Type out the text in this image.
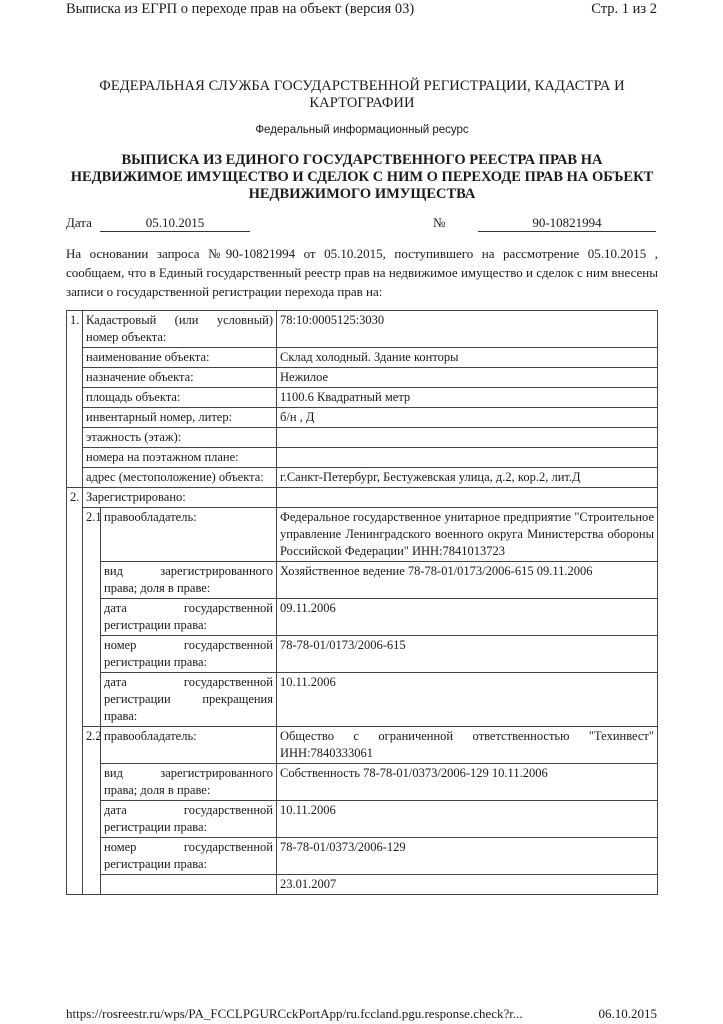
Выписка из ЕГРП о переходе прав на объект (версия 03)	Стр. 1 из 2
ФЕДЕРАЛЬНАЯ СЛУЖБА ГОСУДАРСТВЕННОЙ РЕГИСТРАЦИИ, КАДАСТРА И
КАРТОГРАФИИ
Федеральный информационный ресурс
ВЫПИСКА ИЗ ЕДИНОГО ГОСУДАРСТВЕННОГО РЕЕСТРА ПРАВ НА
НЕДВИЖИМОЕ ИМУЩЕСТВО И СДЕЛОК С НИМ О ПЕРЕХОДЕ ПРАВ НА ОБЪЕКТ
НЕДВИЖИМОГО ИМУЩЕСТВА
Дата	05.10.2015	№	90-10821994
На основании запроса №90-10821994 от 05.10.2015, поступившего на рассмотрение 05.10.2015 , сообщаем, что в Единый государственный реестр прав на недвижимое имущество и сделок с ним внесены записи о государственной регистрации перехода прав на:
1.	Кадастровый (или условный) номер объекта:		78:10:0005125:3030
	наименование объекта:		Склад холодный. Здание конторы
	назначение объекта:		Нежилое
	площадь объекта:		1100.6 Квадратный метр
	инвентарный номер, литер:		б/н , Д
	этажность (этаж):		
	номера на поэтажном плане:		
	адрес (местоположение) объекта:		г.Санкт-Петербург, Бестужевская улица, д.2, кор.2, лит.Д
2.	Зарегистрировано:		
	2.1	правообладатель:	Федеральное государственное унитарное предприятие "Строительное управление Ленинградского военного округа Министерства обороны Российской Федерации" ИНН:7841013723
		вид зарегистрированного права; доля в праве:	Хозяйственное ведение 78-78-01/0173/2006-615 09.11.2006
		дата государственной регистрации права:	09.11.2006
		номер государственной регистрации права:	78-78-01/0173/2006-615
		дата государственной регистрации прекращения права:	10.11.2006
	2.2	правообладатель:	Общество с ограниченной ответственностью "Техинвест" ИНН:7840333061
		вид зарегистрированного права; доля в праве:	Собственность 78-78-01/0373/2006-129 10.11.2006
		дата государственной регистрации права:	10.11.2006
		номер государственной регистрации права:	78-78-01/0373/2006-129
			23.01.2007
https://rosreestr.ru/wps/PA_FCCLPGURCckPortApp/ru.fccland.pgu.response.check?r...	06.10.2015
